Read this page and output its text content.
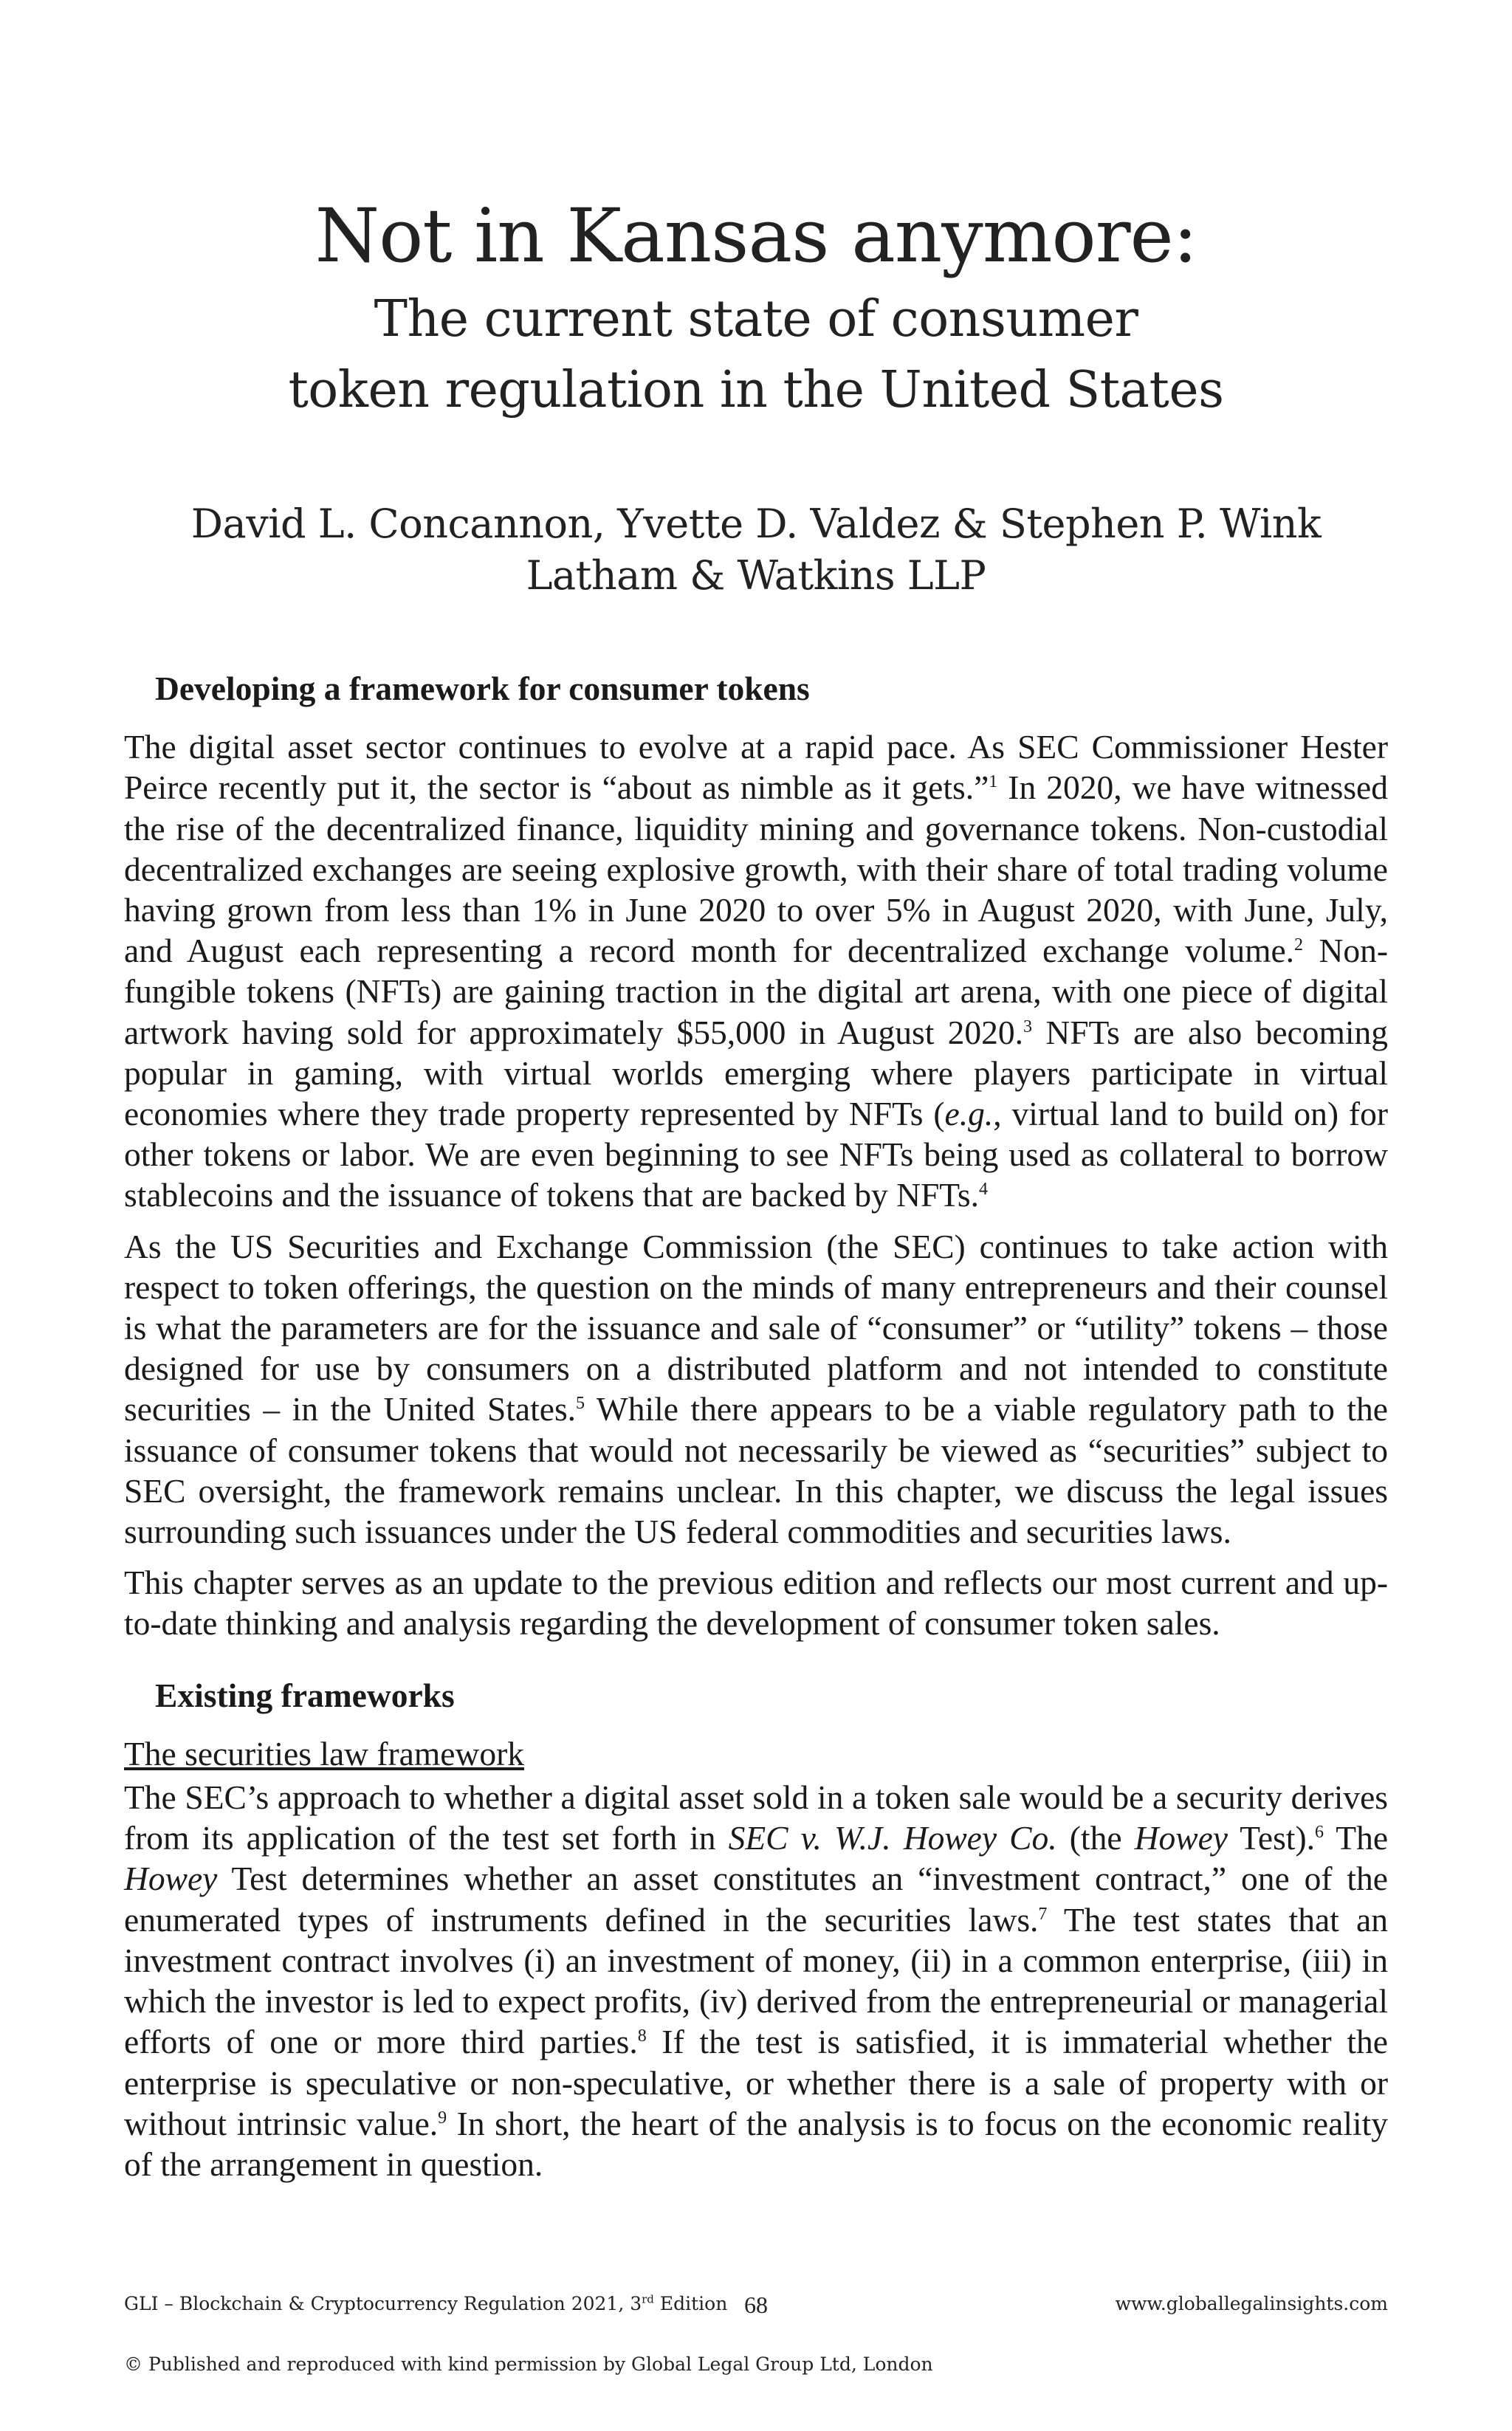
Not in Kansas anymore:

The current state of consumer

token regulation in the United States

David L. Concannon, Yvette D. Valdez & Stephen P. Wink

Latham & Watkins LLP

Developing a framework for consumer tokens

The digital asset sector continues to evolve at a rapid pace. As SEC Commissioner Hester Peirce recently put it, the sector is “about as nimble as it gets.”$^1$ In 2020, we have witnessed the rise of the decentralized finance, liquidity mining and governance tokens. Non-custodial decentralized exchanges are seeing explosive growth, with their share of total trading volume having grown from less than 1% in June 2020 to over 5% in August 2020, with June, July, and August each representing a record month for decentralized exchange volume.$^2$ Non-fungible tokens (NFTs) are gaining traction in the digital art arena, with one piece of digital artwork having sold for approximately $55,000 in August 2020.$^3$ NFTs are also becoming popular in gaming, with virtual worlds emerging where players participate in virtual economies where they trade property represented by NFTs (e.g., virtual land to build on) for other tokens or labor. We are even beginning to see NFTs being used as collateral to borrow stablecoins and the issuance of tokens that are backed by NFTs.$^4$

As the US Securities and Exchange Commission (the SEC) continues to take action with respect to token offerings, the question on the minds of many entrepreneurs and their counsel is what the parameters are for the issuance and sale of “consumer” or “utility” tokens – those designed for use by consumers on a distributed platform and not intended to constitute securities – in the United States.$^5$ While there appears to be a viable regulatory path to the issuance of consumer tokens that would not necessarily be viewed as “securities” subject to SEC oversight, the framework remains unclear. In this chapter, we discuss the legal issues surrounding such issuances under the US federal commodities and securities laws.

This chapter serves as an update to the previous edition and reflects our most current and up-to-date thinking and analysis regarding the development of consumer token sales.

Existing frameworks

The securities law framework

The SEC’s approach to whether a digital asset sold in a token sale would be a security derives from its application of the test set forth in SEC v. W.J. Howey Co. (the Howey Test).$^6$ The Howey Test determines whether an asset constitutes an “investment contract,” one of the enumerated types of instruments defined in the securities laws.$^7$ The test states that an investment contract involves (i) an investment of money, (ii) in a common enterprise, (iii) in which the investor is led to expect profits, (iv) derived from the entrepreneurial or managerial efforts of one or more third parties.$^8$ If the test is satisfied, it is immaterial whether the enterprise is speculative or non-speculative, or whether there is a sale of property with or without intrinsic value.$^9$ In short, the heart of the analysis is to focus on the economic reality of the arrangement in question.

GLI – Blockchain & Cryptocurrency Regulation 2021, 3rd Edition 68	www.globallegalinsights.com
© Published and reproduced with kind permission by Global Legal Group Ltd, London
